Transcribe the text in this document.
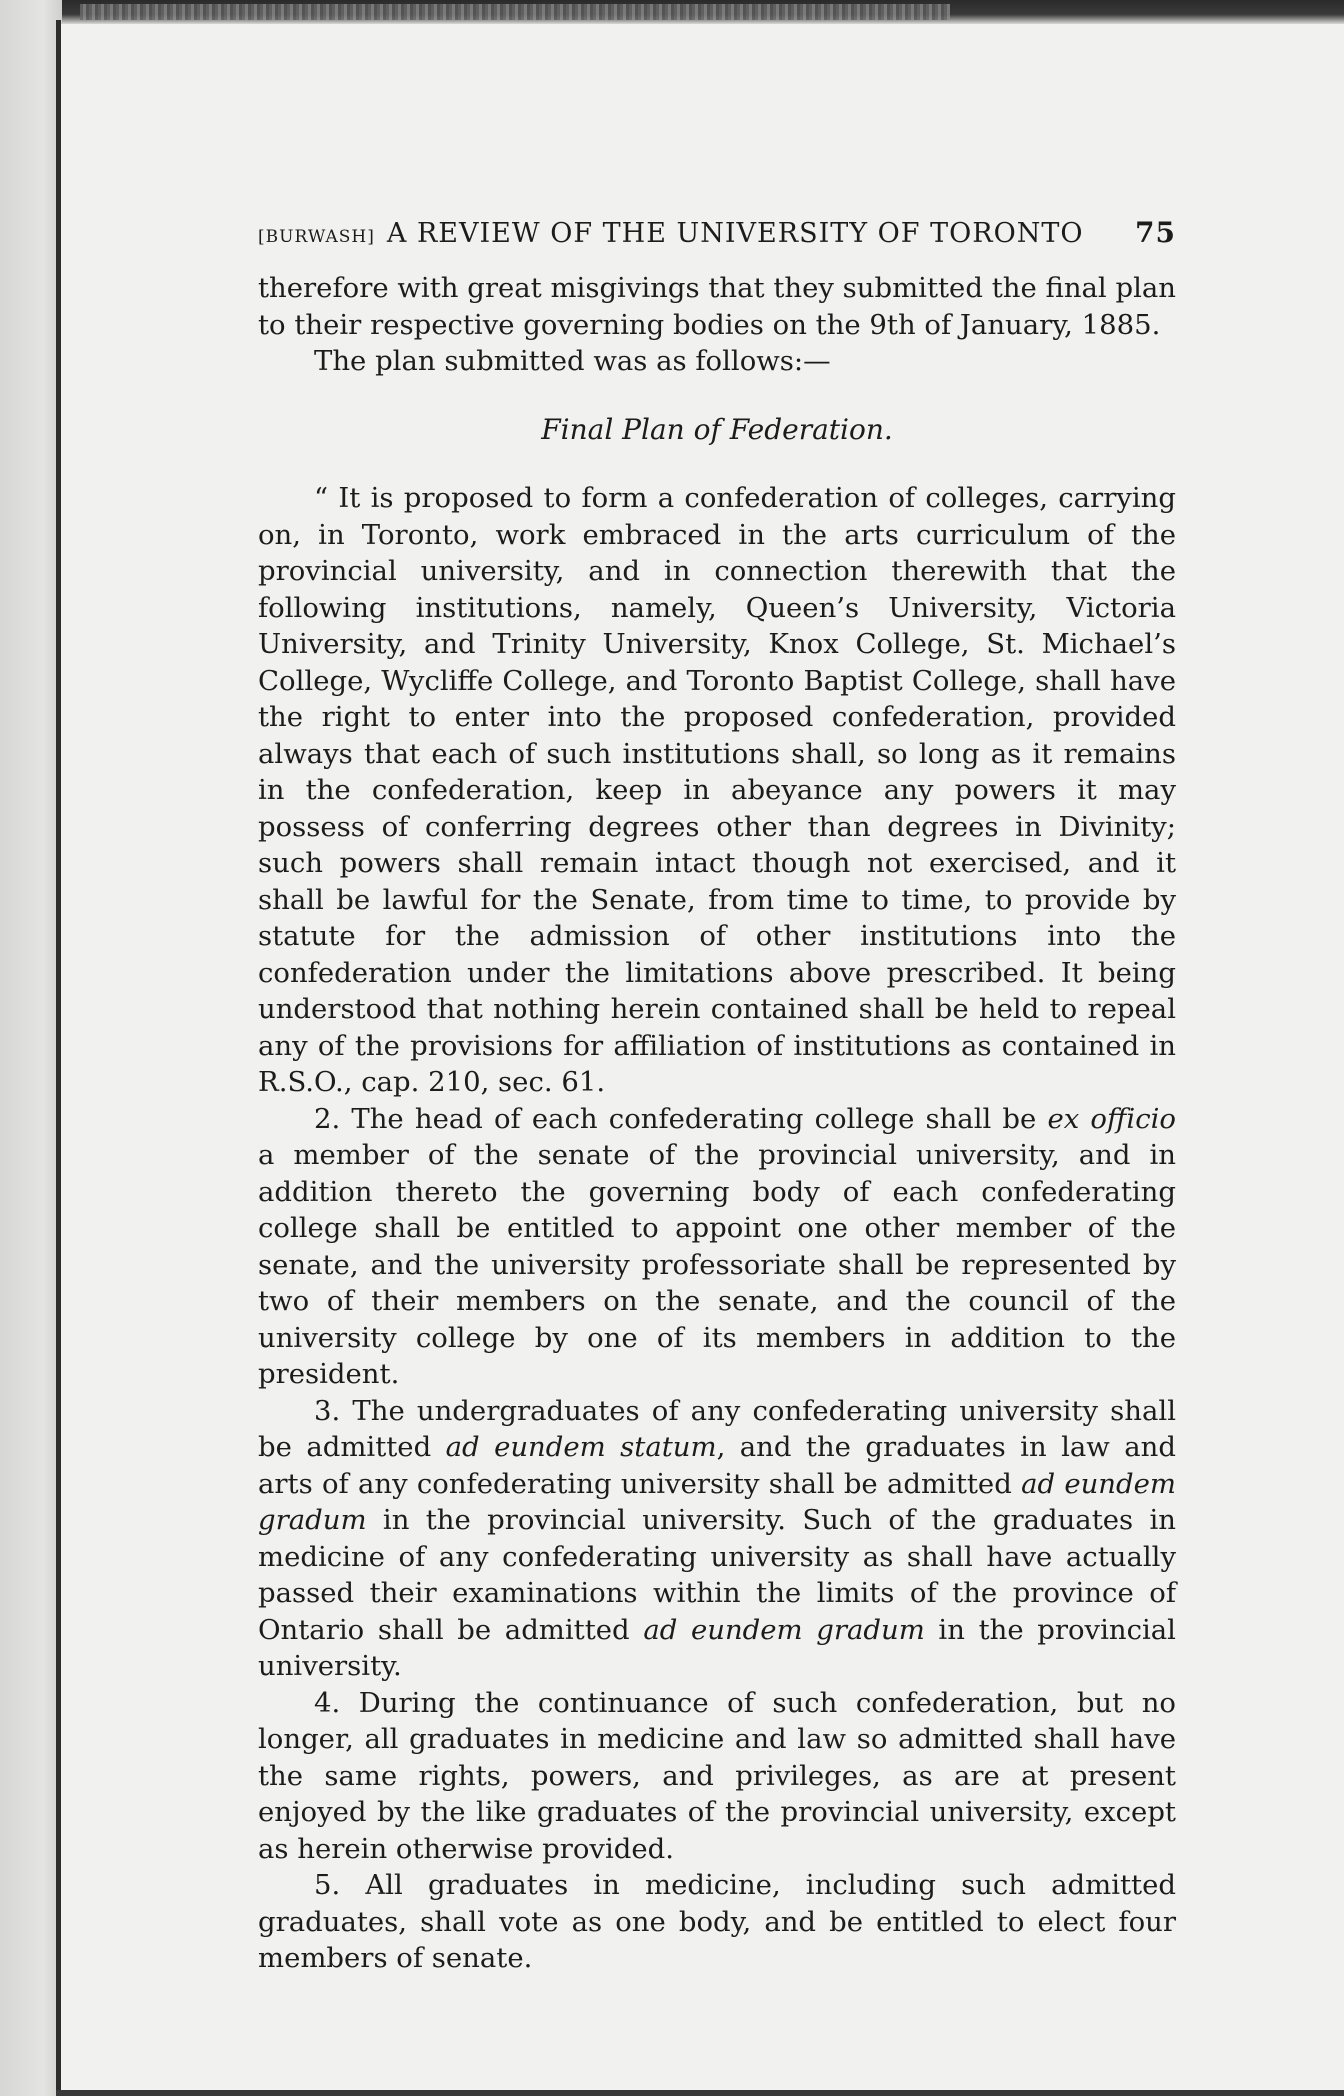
[BURWASH] A REVIEW OF THE UNIVERSITY OF TORONTO 75

therefore with great misgivings that they submitted the final plan to their respective governing bodies on the 9th of January, 1885.

The plan submitted was as follows:—

Final Plan of Federation.

“ It is proposed to form a confederation of colleges, carrying on, in Toronto, work embraced in the arts curriculum of the provincial university, and in connection therewith that the following institutions, namely, Queen’s University, Victoria University, and Trinity University, Knox College, St. Michael’s College, Wycliffe College, and Toronto Baptist College, shall have the right to enter into the proposed confederation, provided always that each of such institutions shall, so long as it remains in the confederation, keep in abeyance any powers it may possess of conferring degrees other than degrees in Divinity; such powers shall remain intact though not exercised, and it shall be lawful for the Senate, from time to time, to provide by statute for the admission of other institutions into the confederation under the limitations above prescribed. It being understood that nothing herein contained shall be held to repeal any of the provisions for affiliation of institutions as contained in R.S.O., cap. 210, sec. 61.

2. The head of each confederating college shall be ex officio a member of the senate of the provincial university, and in addition thereto the governing body of each confederating college shall be entitled to appoint one other member of the senate, and the university professoriate shall be represented by two of their members on the senate, and the council of the university college by one of its members in addition to the president.

3. The undergraduates of any confederating university shall be admitted ad eundem statum, and the graduates in law and arts of any confederating university shall be admitted ad eundem gradum in the provincial university. Such of the graduates in medicine of any confederating university as shall have actually passed their examinations within the limits of the province of Ontario shall be admitted ad eundem gradum in the provincial university.

4. During the continuance of such confederation, but no longer, all graduates in medicine and law so admitted shall have the same rights, powers, and privileges, as are at present enjoyed by the like graduates of the provincial university, except as herein otherwise provided.

5. All graduates in medicine, including such admitted graduates, shall vote as one body, and be entitled to elect four members of senate.
